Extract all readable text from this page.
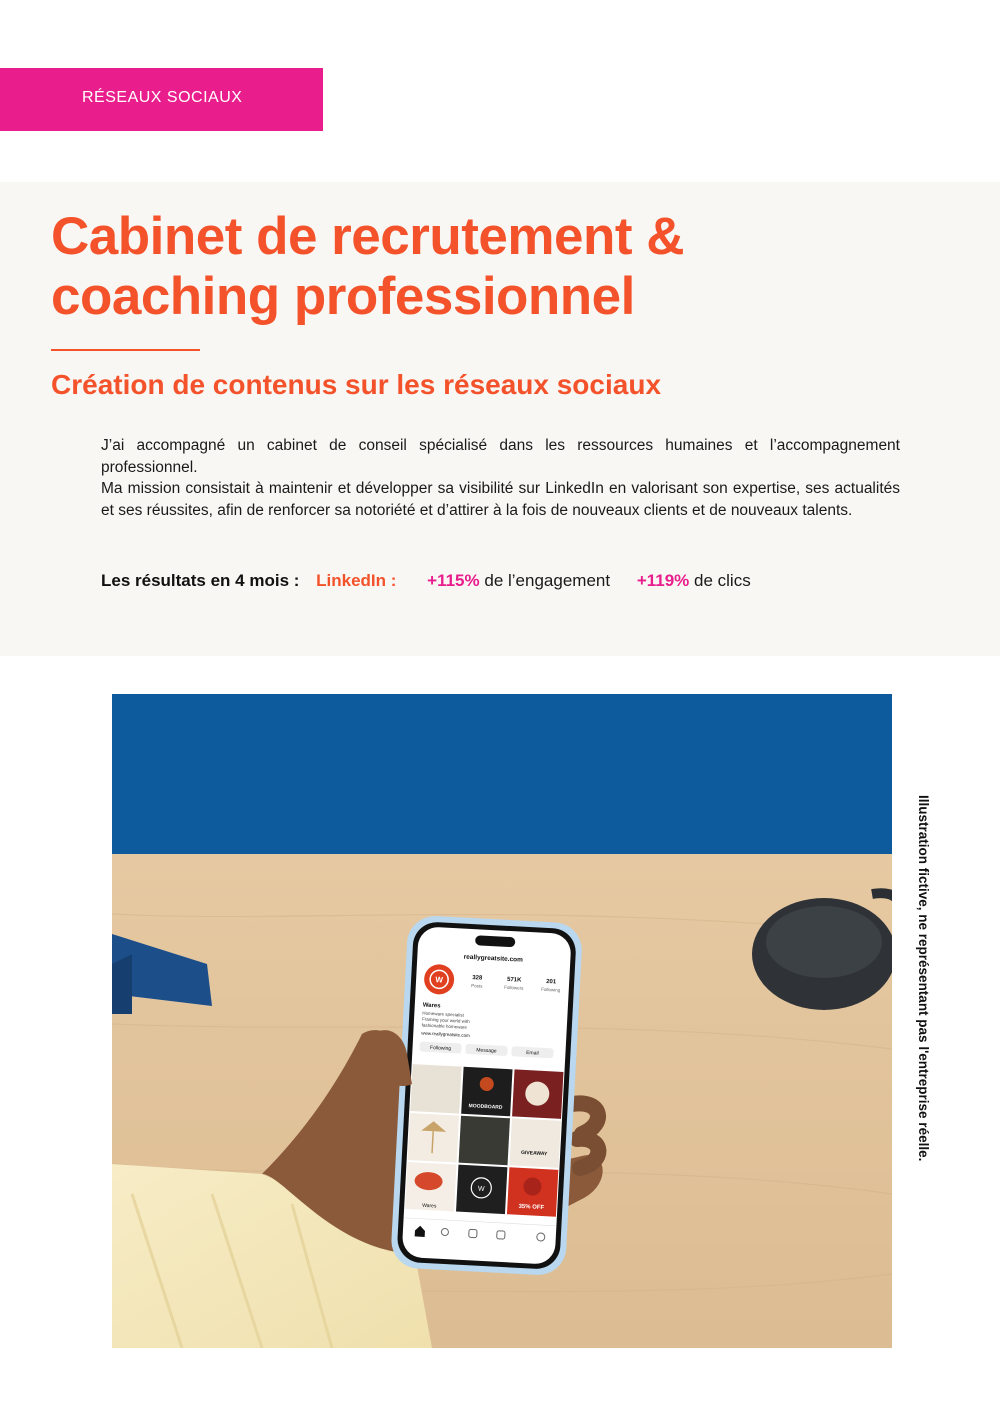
RÉSEAUX SOCIAUX
Cabinet de recrutement &
coaching professionnel
Création de contenus sur les réseaux sociaux

J’ai accompagné un cabinet de conseil spécialisé dans les ressources humaines et l’accompagnement professionnel.

Ma mission consistait à maintenir et développer sa visibilité sur LinkedIn en valorisant son expertise, ses actualités et ses réussites, afin de renforcer sa notoriété et d’attirer à la fois de nouveaux clients et de nouveaux talents.

Les résultats en 4 mois : LinkedIn : +115% de l’engagement +119% de clics
reallygreatsite.com
W	328
Posts
571K
Followers
201
Following
Wares
Homeware specialist
Framing your world with
fashionable homeware
www.reallygreatsite.com
Following	Message	Email
MOODBOARD
GIVEAWAY
W
35% OFF
Wares
Illustration fictive, ne représentant pas l'entreprise réelle.
